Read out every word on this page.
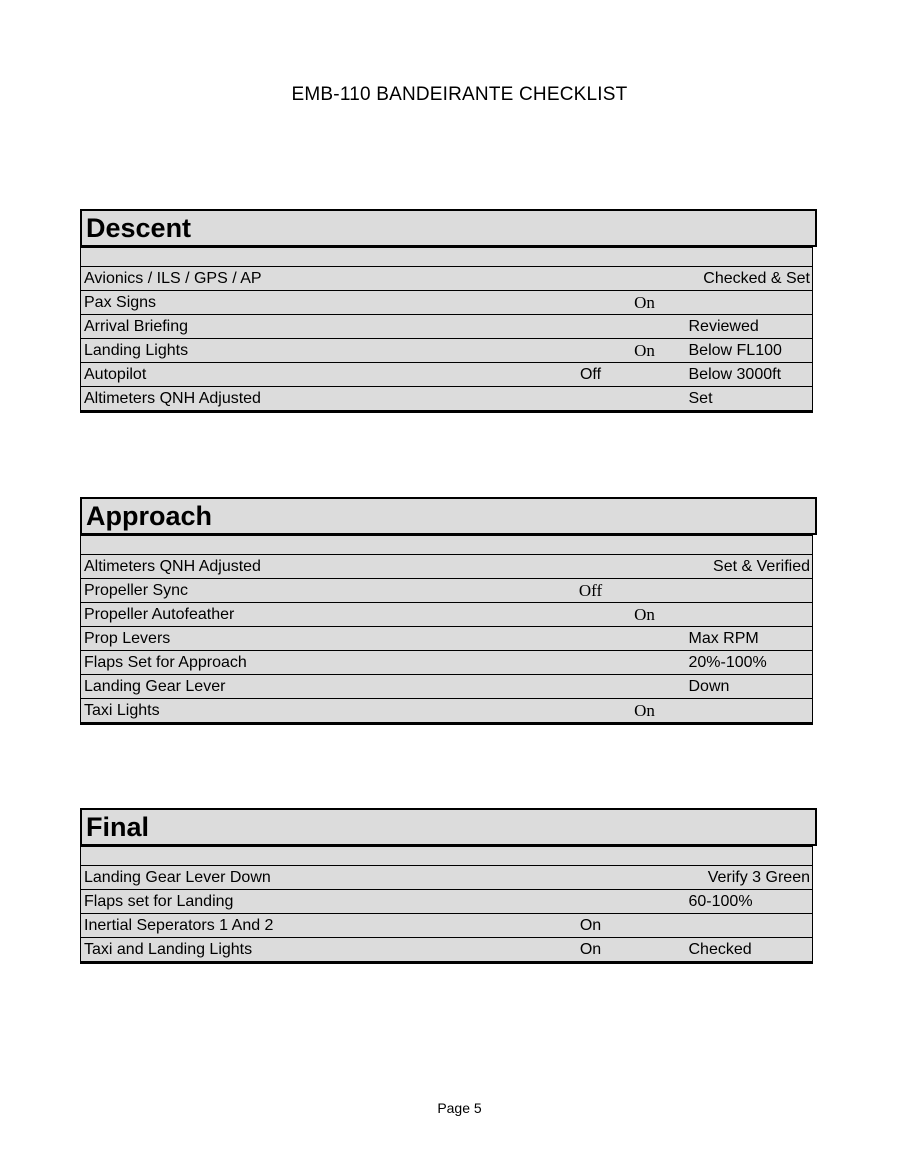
EMB-110 BANDEIRANTE CHECKLIST
Descent

Avionics / ILS / GPS / AP		Checked & Set
Pax Signs	On	
Arrival Briefing		Reviewed
Landing Lights	On	Below FL100
Autopilot	Off	Below 3000ft
Altimeters QNH Adjusted		Set
Approach

Altimeters QNH Adjusted		Set & Verified
Propeller Sync	Off	
Propeller Autofeather	On	
Prop Levers		Max RPM
Flaps Set for Approach		20%-100%
Landing Gear Lever		Down
Taxi Lights	On	
Final

Landing Gear Lever Down		Verify 3 Green
Flaps set for Landing		60-100%
Inertial Seperators 1 And 2	On	
Taxi and Landing Lights	On	Checked
Page 5
